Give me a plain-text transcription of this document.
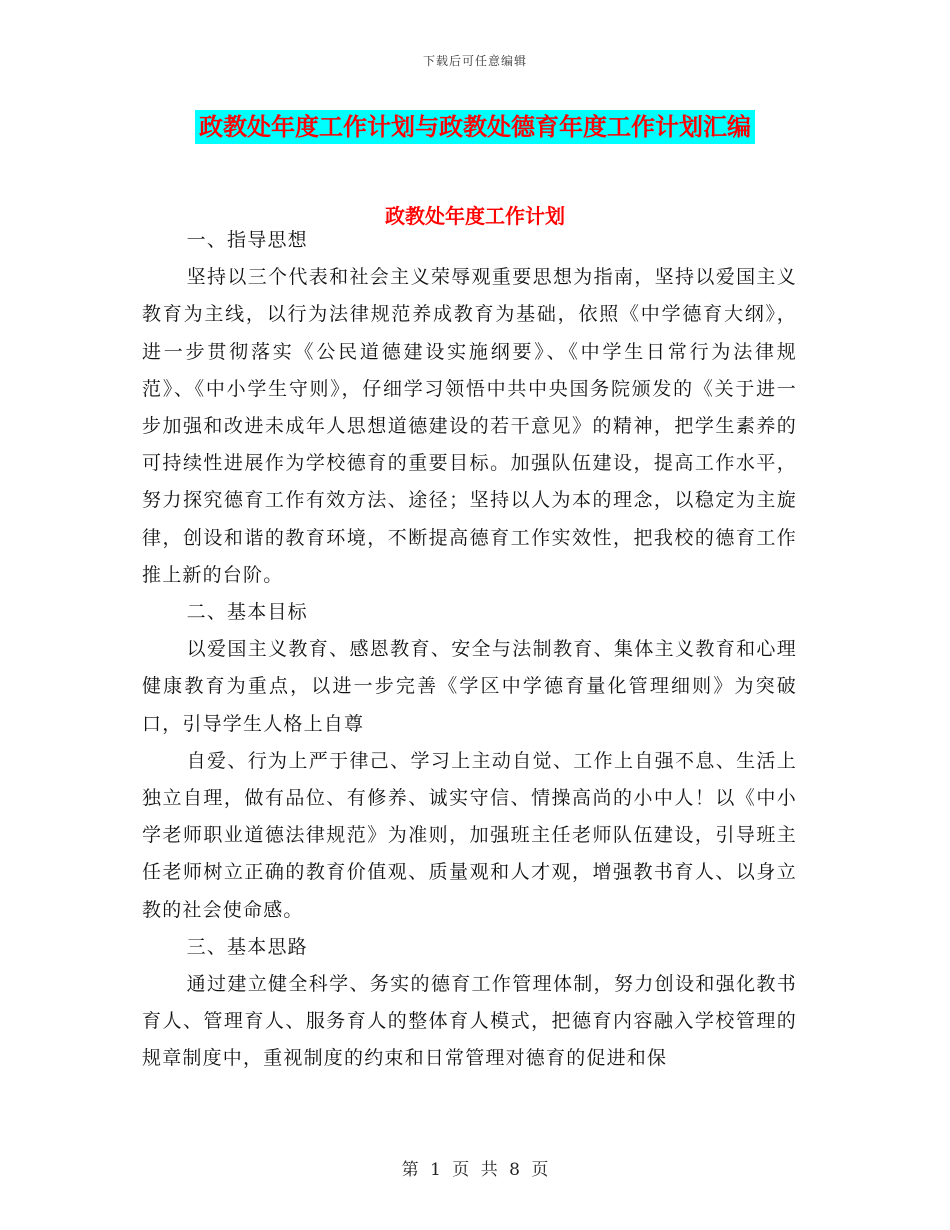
下载后可任意编辑
政教处年度工作计划与政教处德育年度工作计划汇编
政教处年度工作计划

一、指导思想

坚持以三个代表和社会主义荣辱观重要思想为指南，坚持以爱国主义教育为主线，以行为法律规范养成教育为基础，依照《中学德育大纲》，进一步贯彻落实《公民道德建设实施纲要》、《中学生日常行为法律规范》、《中小学生守则》，仔细学习领悟中共中央国务院颁发的《关于进一步加强和改进未成年人思想道德建设的若干意见》的精神，把学生素养的可持续性进展作为学校德育的重要目标。加强队伍建设，提高工作水平，努力探究德育工作有效方法、途径；坚持以人为本的理念，以稳定为主旋律，创设和谐的教育环境，不断提高德育工作实效性，把我校的德育工作推上新的台阶。

二、基本目标

以爱国主义教育、感恩教育、安全与法制教育、集体主义教育和心理健康教育为重点，以进一步完善《学区中学德育量化管理细则》为突破口，引导学生人格上自尊

自爱、行为上严于律己、学习上主动自觉、工作上自强不息、生活上独立自理，做有品位、有修养、诚实守信、情操高尚的小中人！以《中小学老师职业道德法律规范》为准则，加强班主任老师队伍建设，引导班主任老师树立正确的教育价值观、质量观和人才观，增强教书育人、以身立教的社会使命感。

三、基本思路

通过建立健全科学、务实的德育工作管理体制，努力创设和强化教书育人、管理育人、服务育人的整体育人模式，把德育内容融入学校管理的规章制度中，重视制度的约束和日常管理对德育的促进和保

第 1 页 共 8 页
